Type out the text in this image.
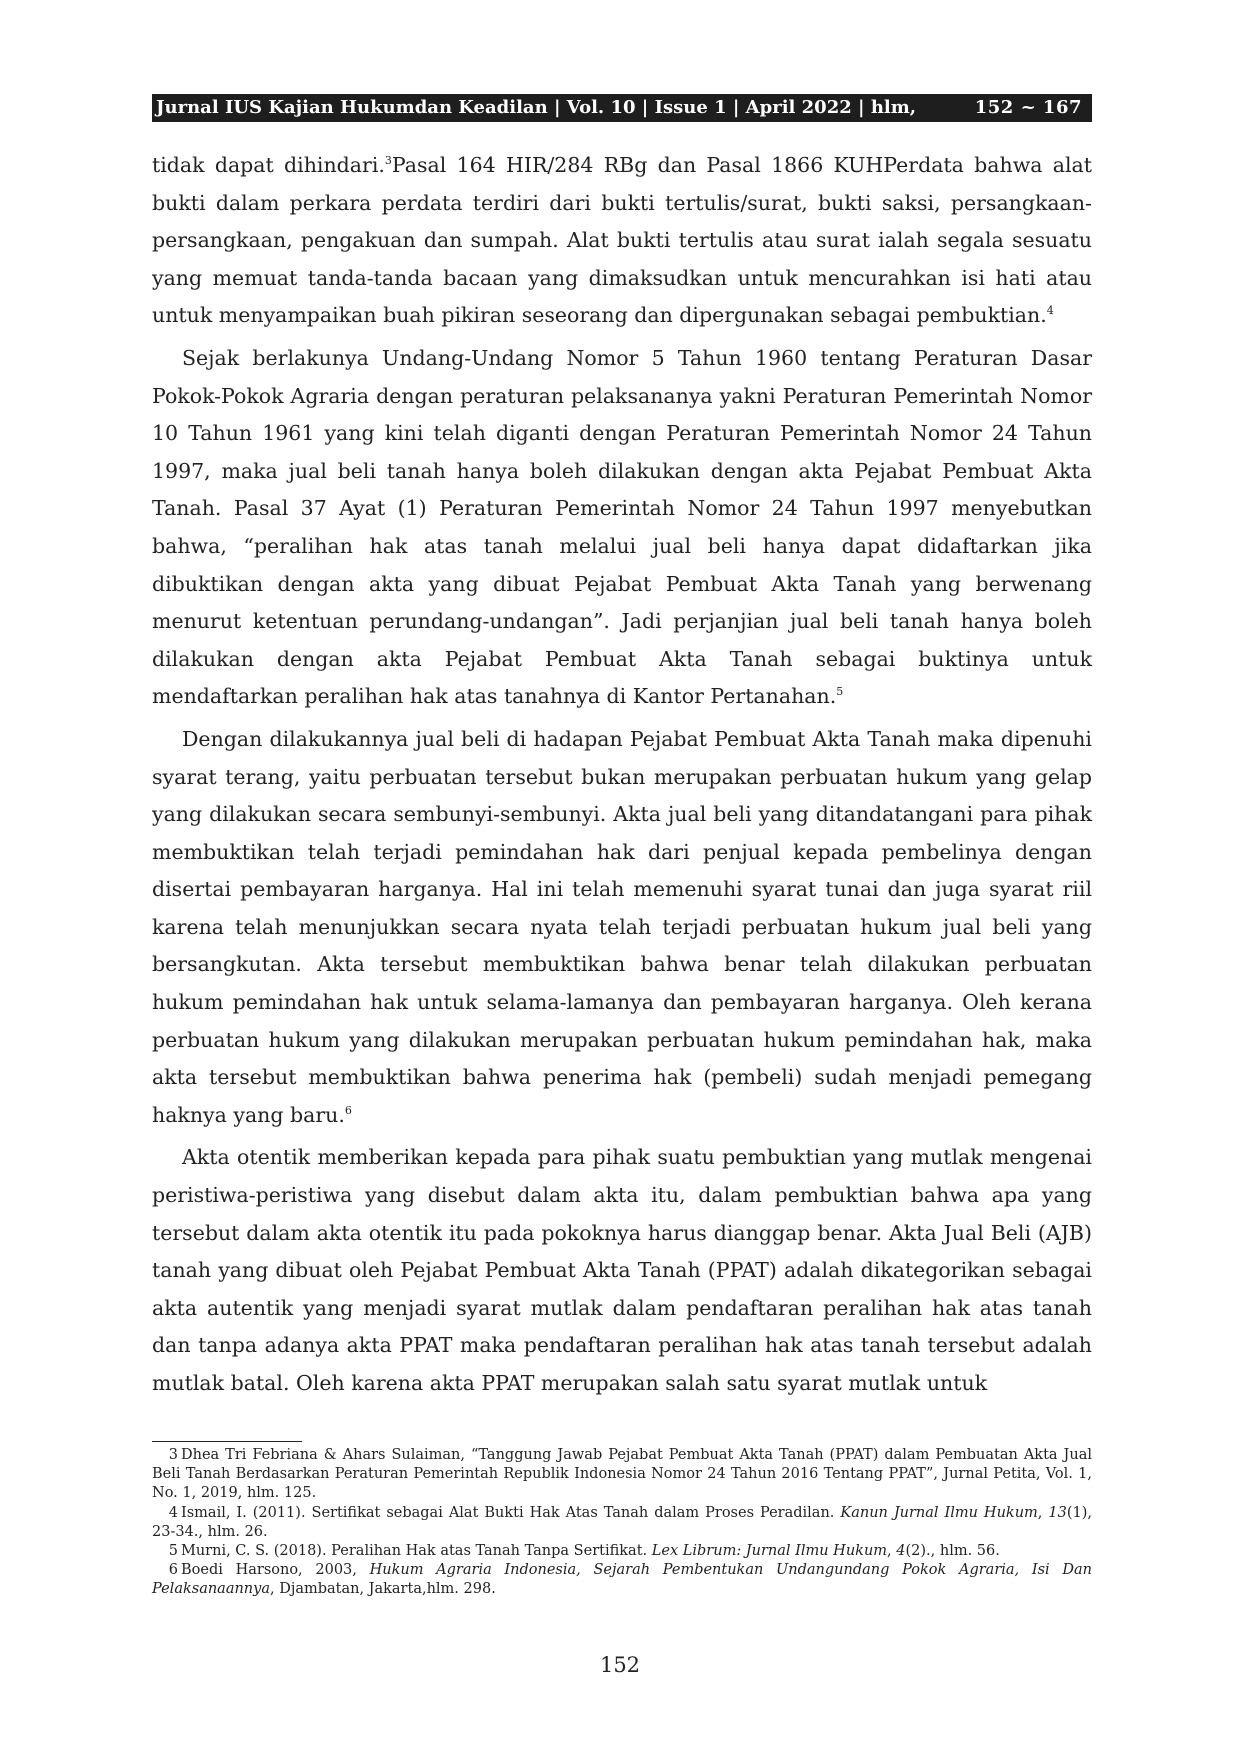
Jurnal IUS Kajian Hukumdan Keadilan | Vol. 10 | Issue 1 | April 2022 | hlm,	152 ~ 167

tidak dapat dihindari.$^3$Pasal 164 HIR/284 RBg dan Pasal 1866 KUHPerdata bahwa alat bukti dalam perkara perdata terdiri dari bukti tertulis/surat, bukti saksi, persangkaan-persangkaan, pengakuan dan sumpah. Alat bukti tertulis atau surat ialah segala sesuatu yang memuat tanda-tanda bacaan yang dimaksudkan untuk mencurahkan isi hati atau untuk menyampaikan buah pikiran seseorang dan dipergunakan sebagai pembuktian.$^4$

Sejak berlakunya Undang-Undang Nomor 5 Tahun 1960 tentang Peraturan Dasar Pokok-Pokok Agraria dengan peraturan pelaksananya yakni Peraturan Pemerintah Nomor 10 Tahun 1961 yang kini telah diganti dengan Peraturan Pemerintah Nomor 24 Tahun 1997, maka jual beli tanah hanya boleh dilakukan dengan akta Pejabat Pembuat Akta Tanah. Pasal 37 Ayat (1) Peraturan Pemerintah Nomor 24 Tahun 1997 menyebutkan bahwa, “peralihan hak atas tanah melalui jual beli hanya dapat didaftarkan jika dibuktikan dengan akta yang dibuat Pejabat Pembuat Akta Tanah yang berwenang menurut ketentuan perundang-undangan”. Jadi perjanjian jual beli tanah hanya boleh dilakukan dengan akta Pejabat Pembuat Akta Tanah sebagai buktinya untuk mendaftarkan peralihan hak atas tanahnya di Kantor Pertanahan.$^5$

Dengan dilakukannya jual beli di hadapan Pejabat Pembuat Akta Tanah maka dipenuhi syarat terang, yaitu perbuatan tersebut bukan merupakan perbuatan hukum yang gelap yang dilakukan secara sembunyi-sembunyi. Akta jual beli yang ditandatangani para pihak membuktikan telah terjadi pemindahan hak dari penjual kepada pembelinya dengan disertai pembayaran harganya. Hal ini telah memenuhi syarat tunai dan juga syarat riil karena telah menunjukkan secara nyata telah terjadi perbuatan hukum jual beli yang bersangkutan. Akta tersebut membuktikan bahwa benar telah dilakukan perbuatan hukum pemindahan hak untuk selama-lamanya dan pembayaran harganya. Oleh kerana perbuatan hukum yang dilakukan merupakan perbuatan hukum pemindahan hak, maka akta tersebut membuktikan bahwa penerima hak (pembeli) sudah menjadi pemegang haknya yang baru.$^6$

Akta otentik memberikan kepada para pihak suatu pembuktian yang mutlak mengenai peristiwa-peristiwa yang disebut dalam akta itu, dalam pembuktian bahwa apa yang tersebut dalam akta otentik itu pada pokoknya harus dianggap benar. Akta Jual Beli (AJB) tanah yang dibuat oleh Pejabat Pembuat Akta Tanah (PPAT) adalah dikategorikan sebagai akta autentik yang menjadi syarat mutlak dalam pendaftaran peralihan hak atas tanah dan tanpa adanya akta PPAT maka pendaftaran peralihan hak atas tanah tersebut adalah mutlak batal. Oleh karena akta PPAT merupakan salah satu syarat mutlak untuk

3 Dhea Tri Febriana & Ahars Sulaiman, “Tanggung Jawab Pejabat Pembuat Akta Tanah (PPAT) dalam Pembuatan Akta Jual Beli Tanah Berdasarkan Peraturan Pemerintah Republik Indonesia Nomor 24 Tahun 2016 Tentang PPAT”, Jurnal Petita, Vol. 1, No. 1, 2019, hlm. 125.

4 Ismail, I. (2011). Sertifikat sebagai Alat Bukti Hak Atas Tanah dalam Proses Peradilan. Kanun Jurnal Ilmu Hukum, 13(1), 23-34., hlm. 26.

5 Murni, C. S. (2018). Peralihan Hak atas Tanah Tanpa Sertifikat. Lex Librum: Jurnal Ilmu Hukum, 4(2)., hlm. 56.

6 Boedi Harsono, 2003, Hukum Agraria Indonesia, Sejarah Pembentukan Undangundang Pokok Agraria, Isi Dan Pelaksanaannya, Djambatan, Jakarta,hlm. 298.

152
